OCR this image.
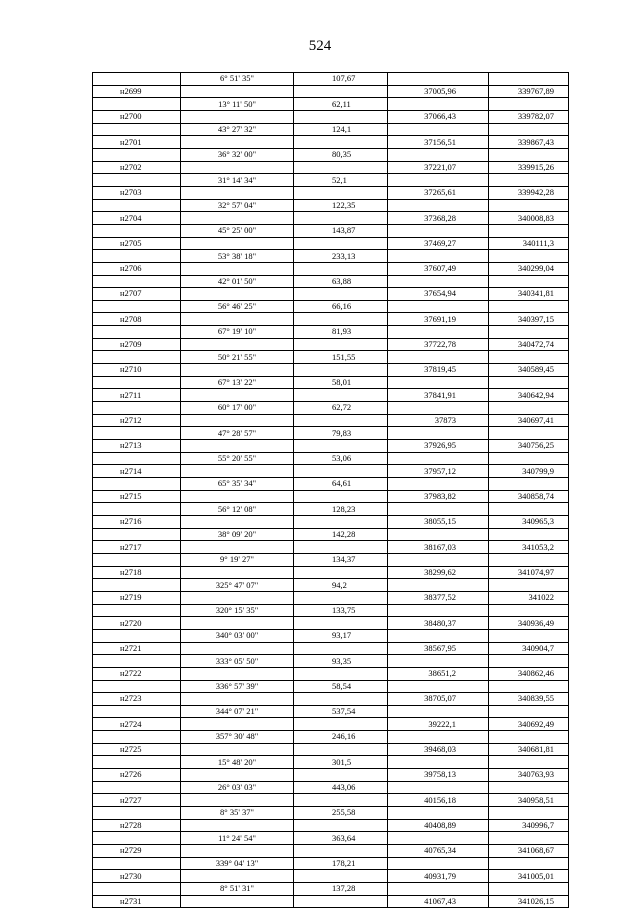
524
	6° 51' 35"	107,67		
н2699			37005,96	339767,89
	13° 11' 50"	62,11		
н2700			37066,43	339782,07
	43° 27' 32"	124,1		
н2701			37156,51	339867,43
	36° 32' 00"	80,35		
н2702			37221,07	339915,26
	31° 14' 34"	52,1		
н2703			37265,61	339942,28
	32° 57' 04"	122,35		
н2704			37368,28	340008,83
	45° 25' 00"	143,87		
н2705			37469,27	340111,3
	53° 38' 18"	233,13		
н2706			37607,49	340299,04
	42° 01' 50"	63,88		
н2707			37654,94	340341,81
	56° 46' 25"	66,16		
н2708			37691,19	340397,15
	67° 19' 10"	81,93		
н2709			37722,78	340472,74
	50° 21' 55"	151,55		
н2710			37819,45	340589,45
	67° 13' 22"	58,01		
н2711			37841,91	340642,94
	60° 17' 00"	62,72		
н2712			37873	340697,41
	47° 28' 57"	79,83		
н2713			37926,95	340756,25
	55° 20' 55"	53,06		
н2714			37957,12	340799,9
	65° 35' 34"	64,61		
н2715			37983,82	340858,74
	56° 12' 08"	128,23		
н2716			38055,15	340965,3
	38° 09' 20"	142,28		
н2717			38167,03	341053,2
	9° 19' 27"	134,37		
н2718			38299,62	341074,97
	325° 47' 07"	94,2		
н2719			38377,52	341022
	320° 15' 35"	133,75		
н2720			38480,37	340936,49
	340° 03' 00"	93,17		
н2721			38567,95	340904,7
	333° 05' 50"	93,35		
н2722			38651,2	340862,46
	336° 57' 39"	58,54		
н2723			38705,07	340839,55
	344° 07' 21"	537,54		
н2724			39222,1	340692,49
	357° 30' 48"	246,16		
н2725			39468,03	340681,81
	15° 48' 20"	301,5		
н2726			39758,13	340763,93
	26° 03' 03"	443,06		
н2727			40156,18	340958,51
	8° 35' 37"	255,58		
н2728			40408,89	340996,7
	11° 24' 54"	363,64		
н2729			40765,34	341068,67
	339° 04' 13"	178,21		
н2730			40931,79	341005,01
	8° 51' 31"	137,28		
н2731			41067,43	341026,15
